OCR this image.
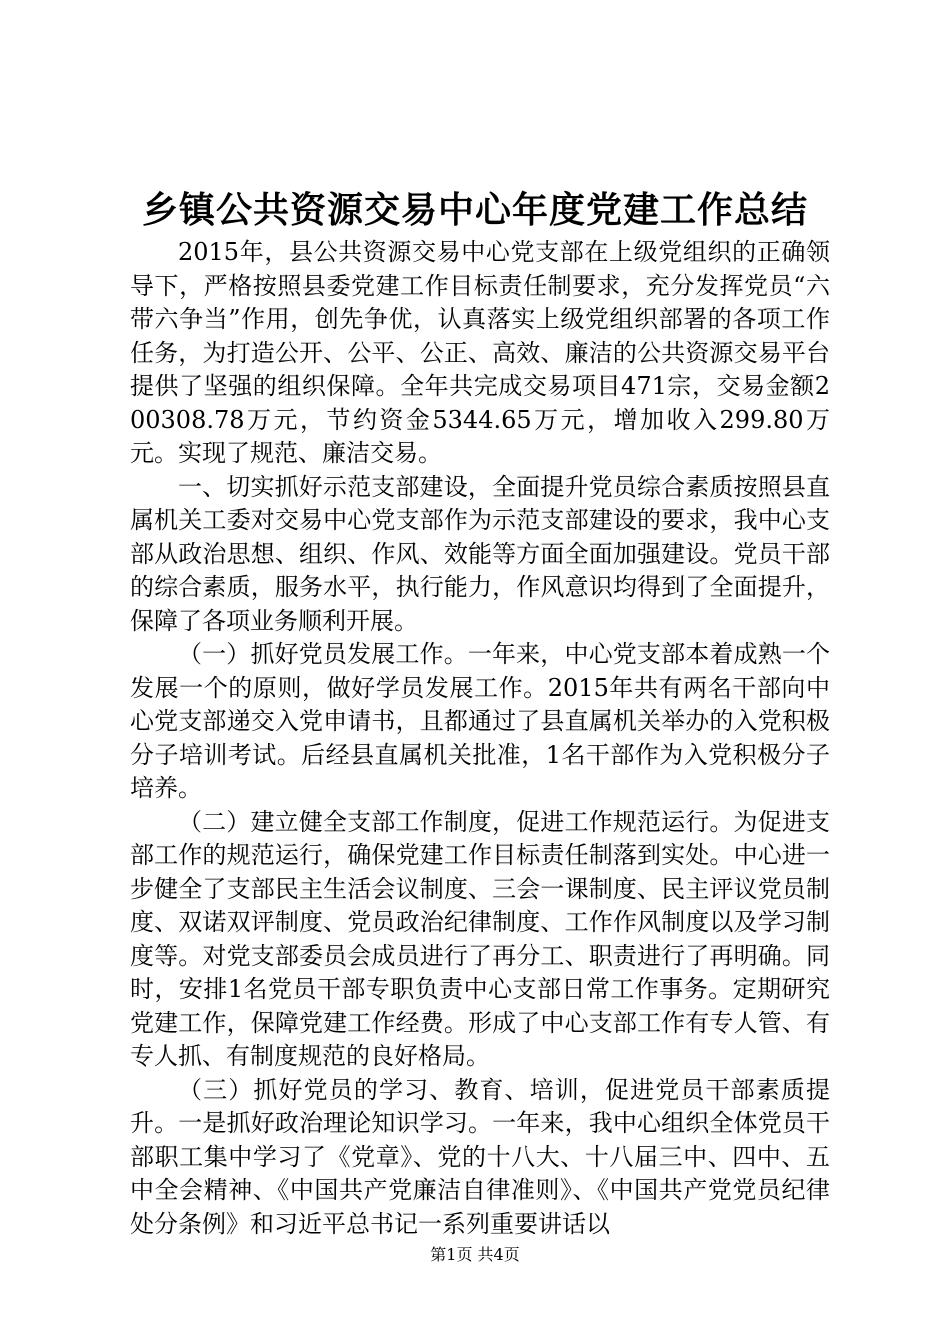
乡镇公共资源交易中心年度党建工作总结

2015年，县公共资源交易中心党支部在上级党组织的正确领导下，严格按照县委党建工作目标责任制要求，充分发挥党员“六带六争当”作用，创先争优，认真落实上级党组织部署的各项工作任务，为打造公开、公平、公正、高效、廉洁的公共资源交易平台提供了坚强的组织保障。全年共完成交易项目471宗，交易金额200308.78万元，节约资金5344.65万元，增加收入299.80万元。实现了规范、廉洁交易。

一、切实抓好示范支部建设，全面提升党员综合素质按照县直属机关工委对交易中心党支部作为示范支部建设的要求，我中心支部从政治思想、组织、作风、效能等方面全面加强建设。党员干部的综合素质，服务水平，执行能力，作风意识均得到了全面提升，保障了各项业务顺利开展。

（一）抓好党员发展工作。一年来，中心党支部本着成熟一个发展一个的原则，做好学员发展工作。2015年共有两名干部向中心党支部递交入党申请书，且都通过了县直属机关举办的入党积极分子培训考试。后经县直属机关批准，1名干部作为入党积极分子培养。

（二）建立健全支部工作制度，促进工作规范运行。为促进支部工作的规范运行，确保党建工作目标责任制落到实处。中心进一步健全了支部民主生活会议制度、三会一课制度、民主评议党员制度、双诺双评制度、党员政治纪律制度、工作作风制度以及学习制度等。对党支部委员会成员进行了再分工、职责进行了再明确。同时，安排1名党员干部专职负责中心支部日常工作事务。定期研究党建工作，保障党建工作经费。形成了中心支部工作有专人管、有专人抓、有制度规范的良好格局。

（三）抓好党员的学习、教育、培训，促进党员干部素质提升。一是抓好政治理论知识学习。一年来，我中心组织全体党员干部职工集中学习了《党章》、党的十八大、十八届三中、四中、五中全会精神、《中国共产党廉洁自律准则》、《中国共产党党员纪律处分条例》和习近平总书记一系列重要讲话以

第1页 共4页
